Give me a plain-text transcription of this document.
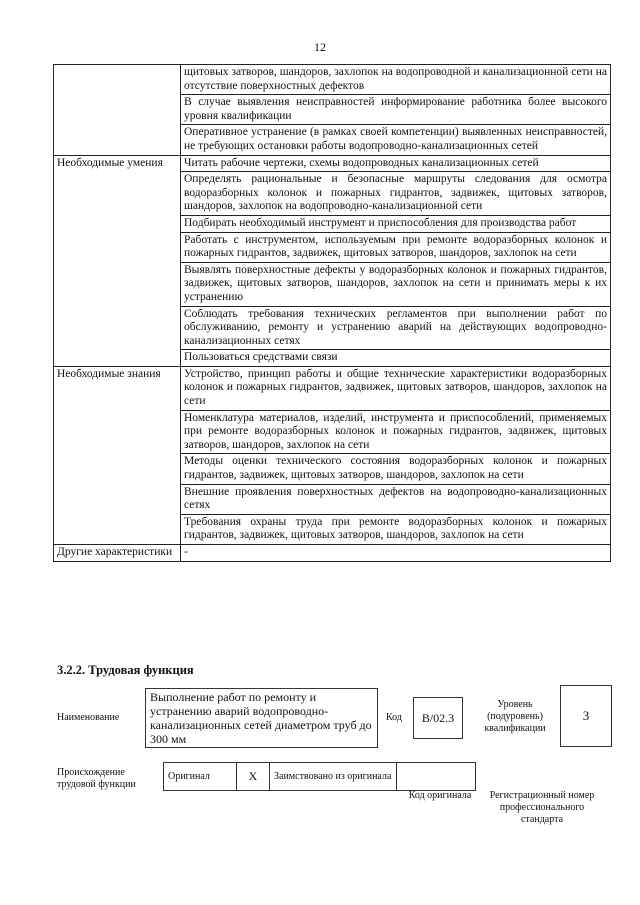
12
	щитовых затворов, шандоров, захлопок на водопроводной и канализационной сети на отсутствие поверхностных дефектов
	В случае выявления неисправностей информирование работника более высокого уровня квалификации
	Оперативное устранение (в рамках своей компетенции) выявленных неисправностей, не требующих остановки работы водопроводно-канализационных сетей
Необходимые умения	Читать рабочие чертежи, схемы водопроводных канализационных сетей
	Определять рациональные и безопасные маршруты следования для осмотра водоразборных колонок и пожарных гидрантов, задвижек, щитовых затворов, шандоров, захлопок на водопроводно-канализационной сети
	Подбирать необходимый инструмент и приспособления для производства работ
	Работать с инструментом, используемым при ремонте водоразборных колонок и пожарных гидрантов, задвижек, щитовых затворов, шандоров, захлопок на сети
	Выявлять поверхностные дефекты у водоразборных колонок и пожарных гидрантов, задвижек, щитовых затворов, шандоров, захлопок на сети и принимать меры к их устранению
	Соблюдать требования технических регламентов при выполнении работ по обслуживанию, ремонту и устранению аварий на действующих водопроводно-канализационных сетях
	Пользоваться средствами связи
Необходимые знания	Устройство, принцип работы и общие технические характеристики водоразборных колонок и пожарных гидрантов, задвижек, щитовых затворов, шандоров, захлопок на сети
	Номенклатура материалов, изделий, инструмента и приспособлений, применяемых при ремонте водоразборных колонок и пожарных гидрантов, задвижек, щитовых затворов, шандоров, захлопок на сети
	Методы оценки технического состояния водоразборных колонок и пожарных гидрантов, задвижек, щитовых затворов, шандоров, захлопок на сети
	Внешние проявления поверхностных дефектов на водопроводно-канализационных сетях
	Требования охраны труда при ремонте водоразборных колонок и пожарных гидрантов, задвижек, щитовых затворов, шандоров, захлопок на сети
Другие характеристики	-
3.2.2. Трудовая функция
Наименование
Выполнение работ по ремонту и устранению аварий водопроводно-канализационных сетей диаметром труб до 300 мм
Код	B/02.3
Уровень (подуровень) квалификации
3
Происхождение трудовой функции
Оригинал	X	Заимствовано из оригинала		
Код оригинала	Регистрационный номер профессионального стандарта
